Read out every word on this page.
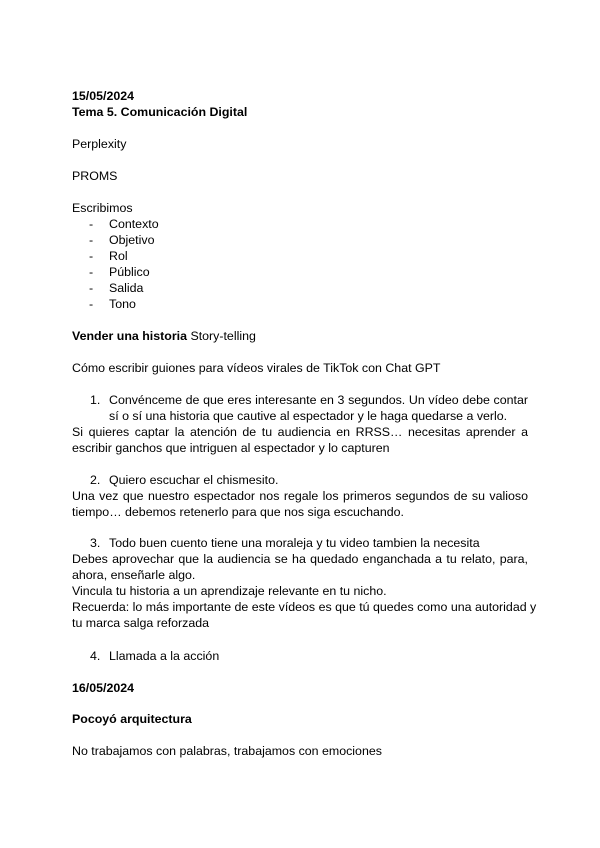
15/05/2024
Tema 5. Comunicación Digital
Perplexity
PROMS
Escribimos
- Contexto
- Objetivo
- Rol
- Público
- Salida
- Tono
Vender una historia Story-telling
Cómo escribir guiones para vídeos virales de TikTok con Chat GPT
1. Convénceme de que eres interesante en 3 segundos. Un vídeo debe contar
sí o sí una historia que cautive al espectador y le haga quedarse a verlo.
Si quieres captar la atención de tu audiencia en RRSS… necesitas aprender a
escribir ganchos que intriguen al espectador y lo capturen
2. Quiero escuchar el chismesito.
Una vez que nuestro espectador nos regale los primeros segundos de su valioso
tiempo… debemos retenerlo para que nos siga escuchando.
3. Todo buen cuento tiene una moraleja y tu video tambien la necesita
Debes aprovechar que la audiencia se ha quedado enganchada a tu relato, para,
ahora, enseñarle algo.
Vincula tu historia a un aprendizaje relevante en tu nicho.
Recuerda: lo más importante de este vídeos es que tú quedes como una autoridad y
tu marca salga reforzada
4. Llamada a la acción
16/05/2024
Pocoyó arquitectura
No trabajamos con palabras, trabajamos con emociones
